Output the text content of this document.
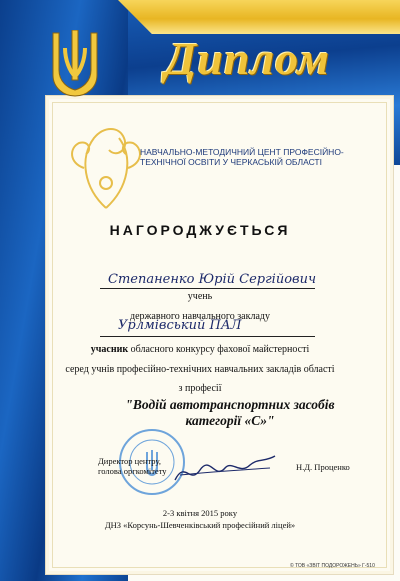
Диплом
НАВЧАЛЬНО-МЕТОДИЧНИЙ ЦЕНТ ПРОФЕСІЙНО-ТЕХНІЧНОЇ ОСВІТИ У ЧЕРКАСЬКІЙ ОБЛАСТІ
НАГОРОДЖУЄТЬСЯ
Степаненко Юрій Сергійович
учень
державного навчального закладу
Урлмівський ПАЛ
учасник обласного конкурсу фахової майстерності
серед учнів професійно-технічних навчальних закладів області
з професії
"Водій автотранспортних засобів
категорії «С»"
Директор центру,
голова оргкомітету	Н.Д. Проценко
2-3 квітня 2015 року
ДНЗ «Корсунь-Шевченківський професійний ліцей»
© ТОВ «ЗВІТ ПОДОРОЖЕНЬ» Г-510
